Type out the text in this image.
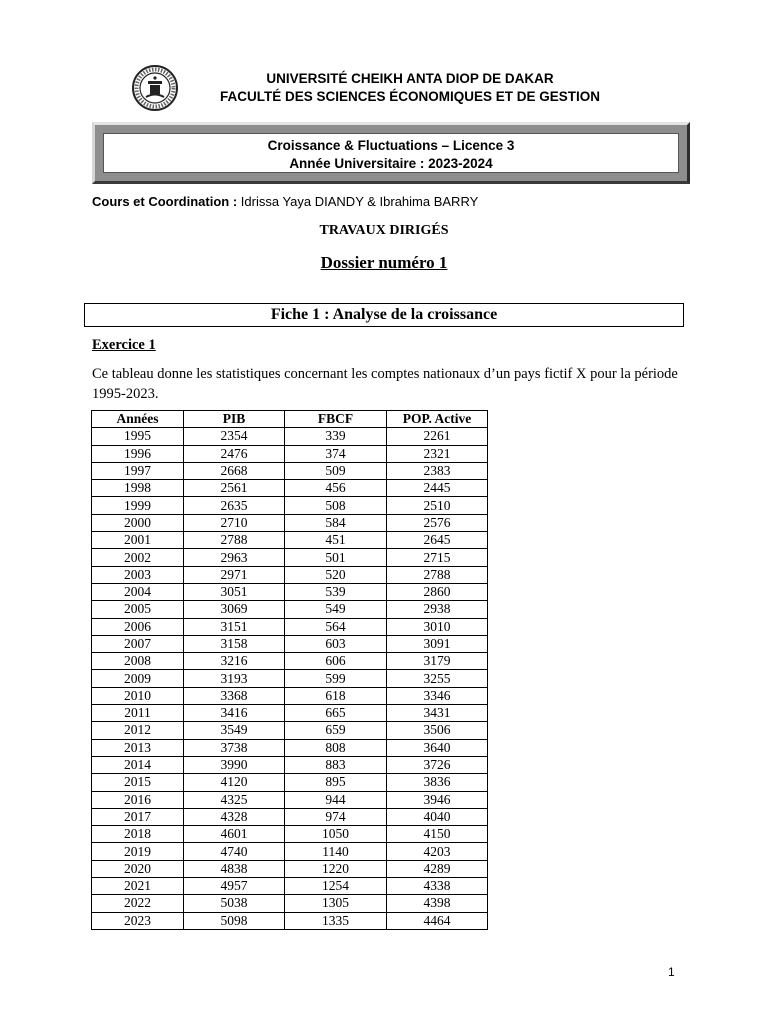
UNIVERSITÉ CHEIKH ANTA DIOP DE DAKAR
FACULTÉ DES SCIENCES ÉCONOMIQUES ET DE GESTION
Croissance & Fluctuations – Licence 3
Année Universitaire : 2023-2024
Cours et Coordination : Idrissa Yaya DIANDY & Ibrahima BARRY
TRAVAUX DIRIGÉS
Dossier numéro 1
Fiche 1 : Analyse de la croissance
Exercice 1
Ce tableau donne les statistiques concernant les comptes nationaux d’un pays fictif X pour la période 1995-2023.
Années	PIB	FBCF	POP. Active
1995	2354	339	2261
1996	2476	374	2321
1997	2668	509	2383
1998	2561	456	2445
1999	2635	508	2510
2000	2710	584	2576
2001	2788	451	2645
2002	2963	501	2715
2003	2971	520	2788
2004	3051	539	2860
2005	3069	549	2938
2006	3151	564	3010
2007	3158	603	3091
2008	3216	606	3179
2009	3193	599	3255
2010	3368	618	3346
2011	3416	665	3431
2012	3549	659	3506
2013	3738	808	3640
2014	3990	883	3726
2015	4120	895	3836
2016	4325	944	3946
2017	4328	974	4040
2018	4601	1050	4150
2019	4740	1140	4203
2020	4838	1220	4289
2021	4957	1254	4338
2022	5038	1305	4398
2023	5098	1335	4464
1
